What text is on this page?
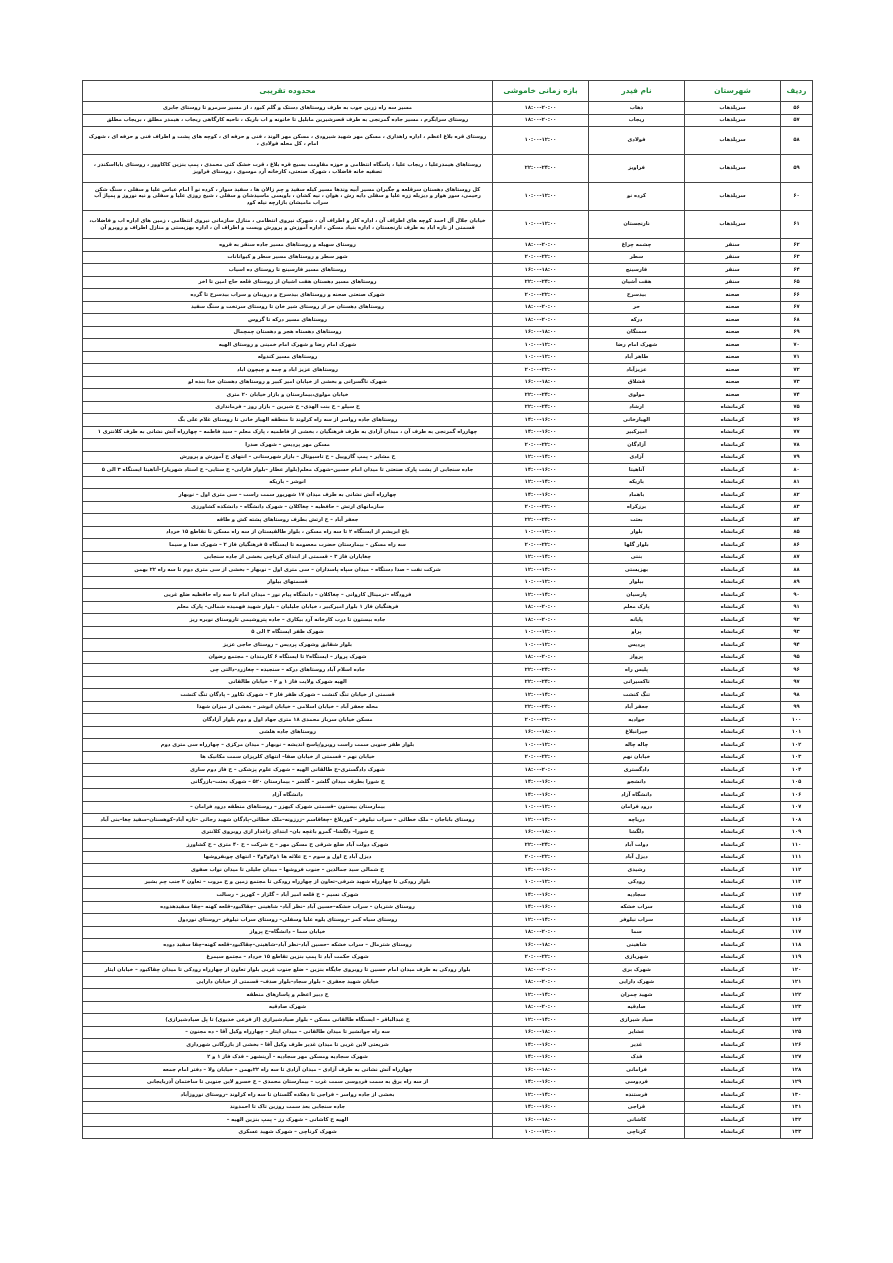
ردیف	شهرستان	نام فیدر	بازه زمانی خاموشی	محدوده تقریبی
۵۶	سرپلذهاب	ذهاب	۱۸:۰۰-۲۰:۰۰	مسیر سه راه زرین جوب به طرف روستاهای دستک و گلم کبود ، از مسیر سرمرو تا روستای جابری
۵۷	سرپلذهاب	ریجاب	۱۸:۰۰-۲۰:۰۰	روستای سرابگرم ، مسیر جاده گمرنجی به طرف قصرشیرین مابلیل تا خانونه و اب باریک ، ناحیه کارگاهی ریجاب ، هیمدر مطلق ، بریجاب مطلق
۵۸	سرپلذهاب	فولادی	۱۰:۰۰-۱۲:۰۰	روستای قره بلاغ اعظم ، اداره راهداری ، مسکن مهر شهید شیرودی ، مسکن مهر الوند ، فنی و حرفه ای ، کوچه های پشت و اطراف فنی و حرفه ای ، شهرک امام ، کل محله فولادی ،
۵۹	سرپلذهاب	فراویز	۲۲:۰۰-۲۴:۰۰	روستاهای هیمدرعلیا ، ریجاب علیا ، پاسگاه انتظامی و حوزه مقاومت بسیج قره بلاغ ، قرت خشک کنی محمدی ، پمپ بنزین کاکاوور ، روستای بابااسکندر ، تصفیه خانه فاضلاب ، شهرک صنعتی، کارخانه آرد موسوی ، روستای فراویز
۶۰	سرپلذهاب	کرده نو	۱۰:۰۰-۱۲:۰۰	کل روستاهای دهستان سرقلعه و جگیران مسیر آبیه وندها مسیر کیله سفید و چم زالان ها ، سفید سوار ، کرده نو آ امام عباس علیا و سفلی ، سنگ شکن رحیمی، سور هوار و دیزیله زره علیا و سفلی دایه رش ، هوان ، نیه کشان ، باویسی ماسیدشان و سفلی ، شیخ روزی علیا و سفلی و نیه نوروز و پمپاژ آب سراب مامیشان بازارچه نیله کود
۶۱	سرپلذهاب	نارنجستان	۱۰:۰۰-۱۲:۰۰	خیابان جلال آل احمد کوچه های اطراف آن ، اداره کار و اطراف آن ، شهرک نیروی انتظامی ، منازل سازمانی نیروی انتظامی ، زمین های اداره اب و فاضلاب، قسمتی از نازه اباد به طرف نارنجستان ، اداره بنیاد مسکن ، اداره آموزش و پرورش ویست و اطراف آن ، اداره بهزیستی و منازل اطراف و روبرو آن
۶۲	سنقر	چشمه چراغ	۱۸:۰۰-۲۰:۰۰	روستای سهیله و روستاهای مسیر جاده سنقر به قروه
۶۳	سنقر	سطر	۲۰:۰۰-۲۲:۰۰	شهر سطر و روستاهای مسیر سطر و کیوانانات
۶۴	سنقر	فارسینج	۱۶:۰۰-۱۸:۰۰	روستاهای مسیر فارسینج تا روستای ده اسیاب
۶۵	سنقر	هفت آشیان	۲۲:۰۰-۲۴:۰۰	روستاهای مسیر دهستان هفت اشیان از روستای قلعه حاج امین تا اخر
۶۶	صحنه	بیدسرخ	۲۰:۰۰-۲۲:۰۰	شهرک صنعتی صحنه و روستاهای بیدسرخ و دروینان و سراب بیدسرخ تا گرده
۶۷	صحنه	حر	۱۸:۰۰-۲۰:۰۰	روستاهای دهستان حر از روستای شیر خان تا روستای سرتخت و سنگ سفید
۶۸	صحنه	درکه	۱۸:۰۰-۲۰:۰۰	روستاهای مسیر درکه تا گروس
۶۹	صحنه	سمنگان	۱۶:۰۰-۱۸:۰۰	روستاهای دهستاه هجر و دهستان چمچمال
۷۰	صحنه	شهرک امام رضا	۱۰:۰۰-۱۲:۰۰	شهرک امام رضا و شهرک امام خمینی و روستای الهیه
۷۱	صحنه	طاهر آباد	۱۰:۰۰-۱۲:۰۰	روستاهای مسیر کندوله
۷۲	صحنه	عزیزآباد	۲۰:۰۰-۲۲:۰۰	روستاهای عزیز اباد و چمه و چیچون اباد
۷۳	صحنه	قشلاق	۱۶:۰۰-۱۸:۰۰	شهرک ناگسرانی و بخشی از خیابان امیر کبیر و روستاهای دهستان خدا بنده لو
۷۴	صحنه	مولوی	۲۲:۰۰-۲۴:۰۰	خیابان مولوی،بیمارستان و بازار خیابان ۲۰ متری
۷۵	کرمانشاه	ارشاد	۲۲:۰۰-۲۴:۰۰	خ سیلو – خ بنت الهدی– خ شیرین – بازار روز – فرمانداری
۷۶	کرمانشاه	الهیارخانی	۱۴:۰۰-۱۶:۰۰	روستاهای جاده رواسر از سه راه کرلوند تا منطقه الهیار خانی تا روستای غلام علی بگ
۷۷	کرمانشاه	امیرکبیر	۱۴:۰۰-۱۶:۰۰	چهارراه گمرنجی به طرف آن ، میدان آزادی به طرف فرهنگیان ، بخشی از فاطمیه ، پارک معلم – سید فاطمه – چهارراه آتش نشانی به طرف کلانتری ۱
۷۸	کرمانشاه	آزادگان	۲۰:۰۰-۲۲:۰۰	مسکن مهر پردیس – شهرک صدرا
۷۹	کرمانشاه	آزادی	۱۲:۰۰-۱۴:۰۰	خ مشایر – پمپ گازوییل – خ تاسیوتال – بازار شهرستانی – انتهای خ آموزش و پرورش
۸۰	کرمانشاه	آناهیتا	۱۴:۰۰-۱۶:۰۰	جاده سنجابی از پشت پارک صنعتی تا میدان امام حسین–شهرک معلم(بلوار عطار –بلوار فارابی– خ ستایی– خ استاد شهریار)–آناهیتا ایستگاه ۳ الی ۵
۸۱	کرمانشاه	باریکه	۱۲:۰۰-۱۴:۰۰	انوشر – باریکه
۸۲	کرمانشاه	باهماد	۱۴:۰۰-۱۶:۰۰	چهارراه آتش نشانی به طرف میدان ۱۷ شهریور سمت راست – سی متری اول – نوبهار
۸۳	کرمانشاه	برزکراه	۲۰:۰۰-۲۲:۰۰	سازمانهای ارتش – حافظیه – چغاکلان – شهرک دانشگاه – دانشکده کشاورزی
۸۴	کرمانشاه	بعثت	۲۲:۰۰-۲۴:۰۰	جعفر آباد – خ ارتش بطرف روستاهای پشته کش و طاقه
۸۵	کرمانشاه	بلوار	۱۰:۰۰-۱۲:۰۰	باغ ابریشم از ایستگاه ۲ تا سه راه مسکن ، بلوار طالقیستان از سه راه مسکن تا تقاطع ۱۵ خرداد
۸۶	کرمانشاه	بلوار گلها	۲۰:۰۰-۲۲:۰۰	سه راه مسکن – بیمارستان حضرت معصومه تا ایستگاه ۵ فرهنگیان فاز ۲ – شهرک صدا و سیما
۸۷	کرمانشاه	بنتی	۱۲:۰۰-۱۴:۰۰	چغایاران فاز ۳ – قسمتی از ابتدای کرناچی بخشی از جاده سنجابی
۸۸	کرمانشاه	بهزیستی	۱۲:۰۰-۱۴:۰۰	شرکت نفت – صدا دستگاه – میدان سپاه پاسداران – سی متری اول – نوبهار – بخشی از سی متری دوم تا سه راه ۲۲ بهمن
۸۹	کرمانشاه	بیلوار	۱۰:۰۰-۱۲:۰۰	قسمتهای بیلوار
۹۰	کرمانشاه	پارسیان	۱۲:۰۰-۱۴:۰۰	فرودگاه –ترمینال کاروانی – چغاکلان – دانشگاه پیام نور – میدان امام تا سه راه حافظیه ضلع غربی
۹۱	کرمانشاه	پارک معلم	۱۸:۰۰-۲۰:۰۰	فرهنگیان فاز ۱ بلوار امیرکبیر ، خیابان جلیلیان – بلوار شهید فهمیده شمالی– پارک معلم
۹۲	کرمانشاه	پایانه	۱۸:۰۰-۲۰:۰۰	جاده بیستون تا درب کارخانه آرد بیکاری – جاده پتروشیمی تاروستای نوبره ریز
۹۳	کرمانشاه	پراو	۱۰:۰۰-۱۲:۰۰	شهرک ظفر ایستگاه ۳ الی ۵
۹۴	کرمانشاه	پردیس	۱۰:۰۰-۱۲:۰۰	بلوار شقایق وشهرک پردیس – روستای حاجی عزیز
۹۵	کرمانشاه	پرواز	۱۸:۰۰-۲۰:۰۰	شهرک پرواز – ایستگاه۲ تا ایستگاه ۶ کارمندان – مجتمع رضوان
۹۶	کرمانشاه	پلیس راه	۲۲:۰۰-۲۴:۰۰	جاده اسلام آباد روستاهای درکه – سنجیده – چغازرد–دالتی چی
۹۷	کرمانشاه	تاکسیرانی	۲۲:۰۰-۲۴:۰۰	الهیه شهرک ولایت فاز ۱ و ۲ – خیابان طالقانی
۹۸	کرمانشاه	تنگ کنشت	۱۲:۰۰-۱۴:۰۰	قسمتی از خیابان تنگ کنشت – شهرک ظفر فاز ۳ – شهرک تکاور – پادگان تنگ کنشت
۹۹	کرمانشاه	جعفر آباد	۲۲:۰۰-۲۴:۰۰	محله جعفر آباد – خیابان اسلامی – خیابان انوشر – بخشی از میزان شهدا
۱۰۰	کرمانشاه	جوادیه	۲۰:۰۰-۲۲:۰۰	مسکن خیابان سرباز محمدی ۱۸ متری جهاد اول و دوم بلوار آزادگان
۱۰۱	کرمانشاه	جیرانبلاغ	۱۶:۰۰-۱۸:۰۰	روستاهای جاده هلشی
۱۰۲	کرمانشاه	چاله چاله	۱۰:۰۰-۱۲:۰۰	بلوار ظفر جنوبی سمت راست روبرو/پاسخ اندیشه – نوبهار – میدان مرکزی – چهارراه سی متری دوم
۱۰۳	کرمانشاه	خیابان نهم	۲۰:۰۰-۲۲:۰۰	خیابان نهم – قسمتی از خیابان صفا– انتهای کلرپزان سمت مکانیک ها
۱۰۴	کرمانشاه	دادگستری	۱۸:۰۰-۲۰:۰۰	شهرک دادگستری–خ طالقانی الهیه – شهرک علوم پزشکی – خ فاز دوم ساری
۱۰۵	کرمانشاه	دانشجو	۱۴:۰۰-۱۶:۰۰	خ شورا بطرف میدان گلشر – گلشر – بیمارستان ۵۲۰ – شهرک بعثت–بازرگانی
۱۰۶	کرمانشاه	دانشگاه آزاد	۱۴:۰۰-۱۶:۰۰	دانشگاه آزاد
۱۰۷	کرمانشاه	درود فرامان	۱۰:۰۰-۱۲:۰۰	بیمارستان بیستون –قسمتی شهرک کیهزر – روستاهای منطقه درود فرامان –
۱۰۸	کرمانشاه	دریاچه	۱۲:۰۰-۱۴:۰۰	روستای باباجان – ملک خطائی – سراب نیلوفر – کوریلاغ –چغاقاسم –زرزونه–ملک خطائی–پادگان شهید رجائی –تازه آباد–کوهسنان–سفید چغا–بنی آباد
۱۰۹	کرمانشاه	دلگشا	۱۶:۰۰-۱۸:۰۰	خ شورا– دلگشا– گمرو باغچه بان– ابتدای زاغدار ازی روبروی کلانتری
۱۱۰	کرمانشاه	دولت آباد	۲۲:۰۰-۲۴:۰۰	شهرک دولت آباد ضلع شرقی خ مسکن مهر – خ شرکت – خ ۴۰ متری – خ کشاورز
۱۱۱	کرمانشاه	دیزل آباد	۲۰:۰۰-۲۲:۰۰	دیزل آباد خ اول و سوم – خ علائه ها ۱و۲و۳و۴ – انتهای چوبفروشها
۱۱۲	کرمانشاه	رشیدی	۱۴:۰۰-۱۶:۰۰	خ شمالی سید جمالدین – جنوب فروشها – میدان جلیلی تا میدان نواب صفوی
۱۱۳	کرمانشاه	رودکی	۱۰:۰۰-۱۲:۰۰	بلوار رودکی تا چهارراه شهید شرفی–تعاون از چهارراه رودکی تا مجتمع زمین و خ مروت – تعاون ۲ جنب چم بشیر
۱۱۴	کرمانشاه	سجادیه	۱۴:۰۰-۱۶:۰۰	شهرک نسیم – خ قلعه امیر آباد – گلزار – کهریز – رسالت
۱۱۵	کرمانشاه	سراب خشکه	۱۴:۰۰-۱۶:۰۰	روستای شتربان – سراب خشکه–حسین آباد –نظر آباد– شاهینی –چقاکبود–قلعه کهنه –چقا سفیدهدوده
۱۱۶	کرمانشاه	سراب نیلوفر	۱۲:۰۰-۱۴:۰۰	روستای سیاه کمر –روستای یلوه علیا وسفلی– روستای سراب نیلوفر –روستای نوردول
۱۱۷	کرمانشاه	سما	۱۸:۰۰-۲۰:۰۰	خیابان سما – دانشگاه–خ پرواز
۱۱۸	کرمانشاه	شاهینی	۱۶:۰۰-۱۸:۰۰	روستای شترمال – سراب خشکه –حسین آباد–نظر آباد–شاهینی–چقاکبود–قلعه کهنه–چقا سفید دوده
۱۱۹	کرمانشاه	شهربازی	۲۰:۰۰-۲۲:۰۰	شهرک حکمت آباد تا پمپ بنزین تقاطع ۱۵ خرداد – مجتمع سیمرغ
۱۲۰	کرمانشاه	شهرک بری	۱۸:۰۰-۲۰:۰۰	بلوار رودکی به طرف میدان امام حسین تا روبروی جایگاه بنزین – ضلع جنوب غربی بلوار تعاون از چهارراه رودکی تا میدان چقاکبود – خیابان ایثار
۱۲۱	کرمانشاه	شهرک دارایی	۱۸:۰۰-۲۰:۰۰	خیابان شهید جعفری – بلوار سجاد–بلوار صدف– قسمتی از خیابان دارایی
۱۲۲	کرمانشاه	شهید چمران	۱۲:۰۰-۱۴:۰۰	خ دبیر اعظم و پاسارهای منطقه
۱۲۳	کرمانشاه	صادقیه	۱۸:۰۰-۲۰:۰۰	شهرک صادقیه
۱۲۴	کرمانشاه	صیاد شیرازی	۱۲:۰۰-۱۴:۰۰	خ عبدالباقر – ایستگاه طالقانی مسکن – بلوار صیادشیرازی (از فرعی خدیوی) تا پل صیادشیرازی)
۱۲۵	کرمانشاه	عشایر	۱۶:۰۰-۱۸:۰۰	سه راه جوانشیر تا میدان طالقانی – میدان ایثار – چهارراه وکیل آقا – ده مجنون –
۱۲۶	کرمانشاه	غدیر	۱۴:۰۰-۱۶:۰۰	شریعتی لاین غربی تا میدان غدیر طرف وکیل آقا – بخشی از بازرگانی شهرداری
۱۲۷	کرمانشاه	فدک	۱۴:۰۰-۱۶:۰۰	شهرک سجادیه ومسکن مهر سجادیه – آرینشهر – فدک فاز ۱ و ۲
۱۲۸	کرمانشاه	فرامانی	۱۶:۰۰-۱۸:۰۰	چهارراه آتش نشانی به طرف آزادی – میدان آزادی تا سه راه ۲۲بهمن – خیابان ولا – دفتر امام جمعه
۱۲۹	کرمانشاه	فردوسی	۱۴:۰۰-۱۶:۰۰	از سه راه برق به سمت فردوسی سمت غرب – بیمارستان محمدی – خ خسرو لاین جنوبی تا ساختمان آذربایجانی
۱۳۰	کرمانشاه	فرستنده	۱۲:۰۰-۱۴:۰۰	بخشی از جاده رواسر – فراجی تا دهکده گلستان تا سه راه کرلوند –روستای نوروزآباد
۱۳۱	کرمانشاه	قراجی	۱۴:۰۰-۱۶:۰۰	جاده سنجابی بعد سمت روزین تاک تا احمدوند
۱۳۲	کرمانشاه	کاشانی	۱۶:۰۰-۱۸:۰۰	الهیه خ کاشانی – شهرک رز – پمپ بنزین الهیه –
۱۳۳	کرمانشاه	کرناچی	۱۰:۰۰-۱۲:۰۰	شهرک کرناچی – شهرک شهید عسکری
